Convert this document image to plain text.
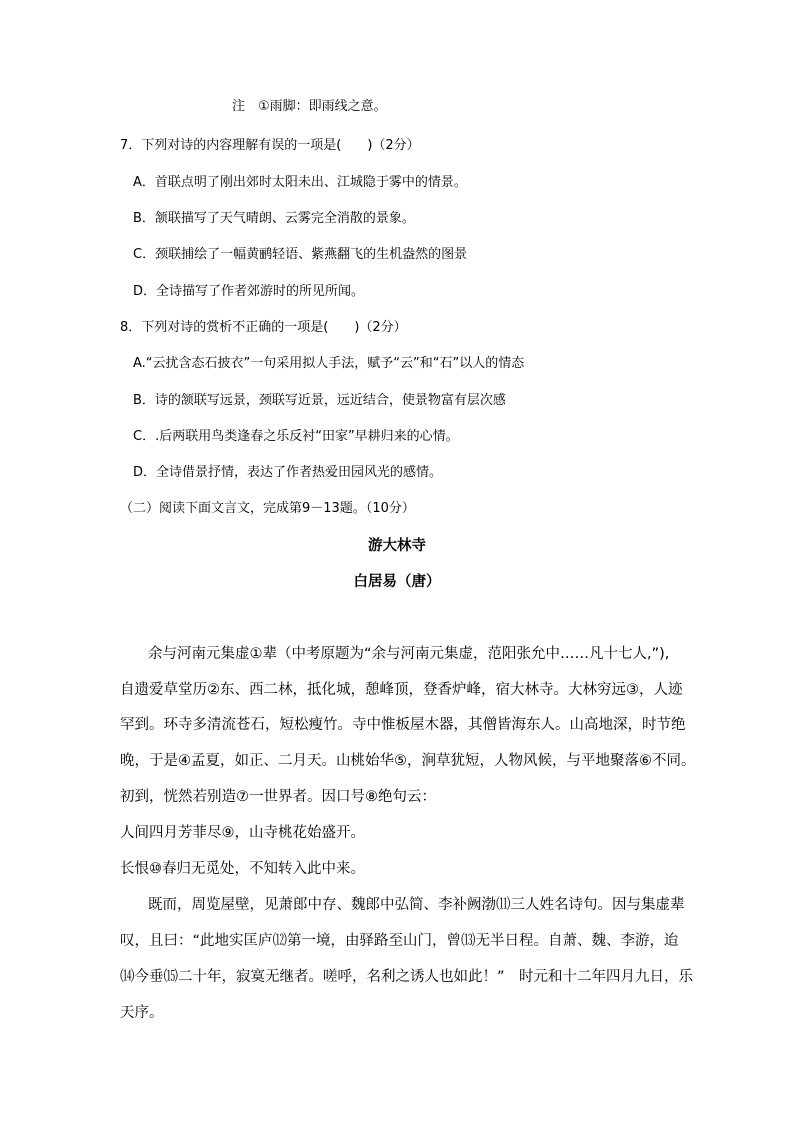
注　①雨脚：即雨线之意。
7．下列对诗的内容理解有误的一项是(　　)（2分）
A．首联点明了刚出郊时太阳未出、江城隐于雾中的情景。
B．颔联描写了天气晴朗、云雾完全消散的景象。
C．颈联捕绘了一幅黄鹂轻语、紫燕翻飞的生机盎然的图景
D．全诗描写了作者郊游时的所见所闻。
8．下列对诗的赏析不正确的一项是(　　)（2分）
A.“云扰含态石披衣”一句采用拟人手法，赋予“云”和“石”以人的情态
B．诗的颔联写远景，颈联写近景，远近结合，使景物富有层次感
C．.后两联用鸟类逢春之乐反衬“田家”早耕归来的心情。
D．全诗借景抒情，表达了作者热爱田园风光的感情。
（二）阅读下面文言文，完成第9－13题。（10分）
游大林寺
白居易（唐）
余与河南元集虚①辈（中考原题为“余与河南元集虚，范阳张允中……凡十七人,”),
自遗爱草堂历②东、西二林，抵化城，憩峰顶，登香炉峰，宿大林寺。大林穷远③，人迹
罕到。环寺多清流苍石，短松瘦竹。寺中惟板屋木器，其僧皆海东人。山高地深，时节绝
晚，于是④孟夏，如正、二月天。山桃始华⑤，涧草犹短，人物风候，与平地聚落⑥不同。
初到，恍然若别造⑦一世界者。因口号⑧绝句云：
人间四月芳菲尽⑨，山寺桃花始盛开。
长恨⑩春归无觅处，不知转入此中来。
既而，周览屋壁，见萧郎中存、魏郎中弘简、李补阙渤⑾三人姓名诗句。因与集虚辈
叹，且曰：“此地实匡庐⑿第一境，由驿路至山门，曾⒀无半日程。自萧、魏、李游，迨
⒁今垂⒂二十年，寂寞无继者。嗟呼，名利之诱人也如此！”　时元和十二年四月九日，乐
天序。
